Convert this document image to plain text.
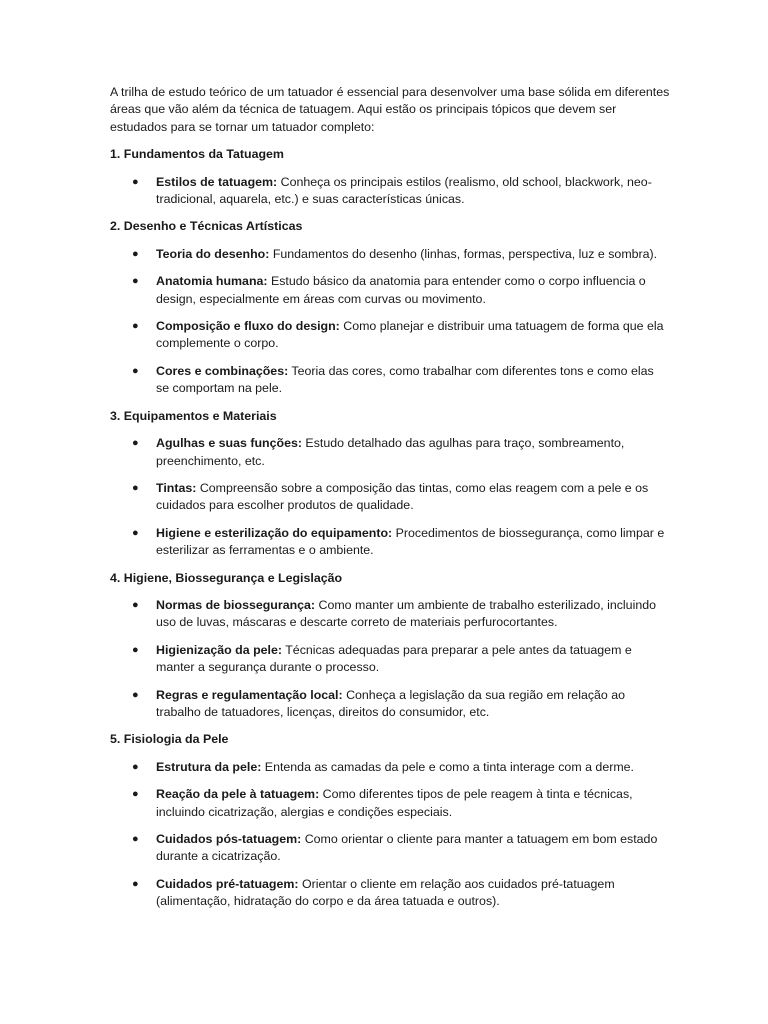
A trilha de estudo teórico de um tatuador é essencial para desenvolver uma base sólida em diferentes áreas que vão além da técnica de tatuagem. Aqui estão os principais tópicos que devem ser estudados para se tornar um tatuador completo:

1. Fundamentos da Tatuagem
● Estilos de tatuagem: Conheça os principais estilos (realismo, old school, blackwork, neo-tradicional, aquarela, etc.) e suas características únicas.
2. Desenho e Técnicas Artísticas
● Teoria do desenho: Fundamentos do desenho (linhas, formas, perspectiva, luz e sombra).
● Anatomia humana: Estudo básico da anatomia para entender como o corpo influencia o design, especialmente em áreas com curvas ou movimento.
● Composição e fluxo do design: Como planejar e distribuir uma tatuagem de forma que ela complemente o corpo.
● Cores e combinações: Teoria das cores, como trabalhar com diferentes tons e como elas se comportam na pele.
3. Equipamentos e Materiais
● Agulhas e suas funções: Estudo detalhado das agulhas para traço, sombreamento, preenchimento, etc.
● Tintas: Compreensão sobre a composição das tintas, como elas reagem com a pele e os cuidados para escolher produtos de qualidade.
● Higiene e esterilização do equipamento: Procedimentos de biossegurança, como limpar e esterilizar as ferramentas e o ambiente.
4. Higiene, Biossegurança e Legislação
● Normas de biossegurança: Como manter um ambiente de trabalho esterilizado, incluindo uso de luvas, máscaras e descarte correto de materiais perfurocortantes.
● Higienização da pele: Técnicas adequadas para preparar a pele antes da tatuagem e manter a segurança durante o processo.
● Regras e regulamentação local: Conheça a legislação da sua região em relação ao trabalho de tatuadores, licenças, direitos do consumidor, etc.
5. Fisiologia da Pele
● Estrutura da pele: Entenda as camadas da pele e como a tinta interage com a derme.
● Reação da pele à tatuagem: Como diferentes tipos de pele reagem à tinta e técnicas, incluindo cicatrização, alergias e condições especiais.
● Cuidados pós-tatuagem: Como orientar o cliente para manter a tatuagem em bom estado durante a cicatrização.
● Cuidados pré-tatuagem: Orientar o cliente em relação aos cuidados pré-tatuagem (alimentação, hidratação do corpo e da área tatuada e outros).
